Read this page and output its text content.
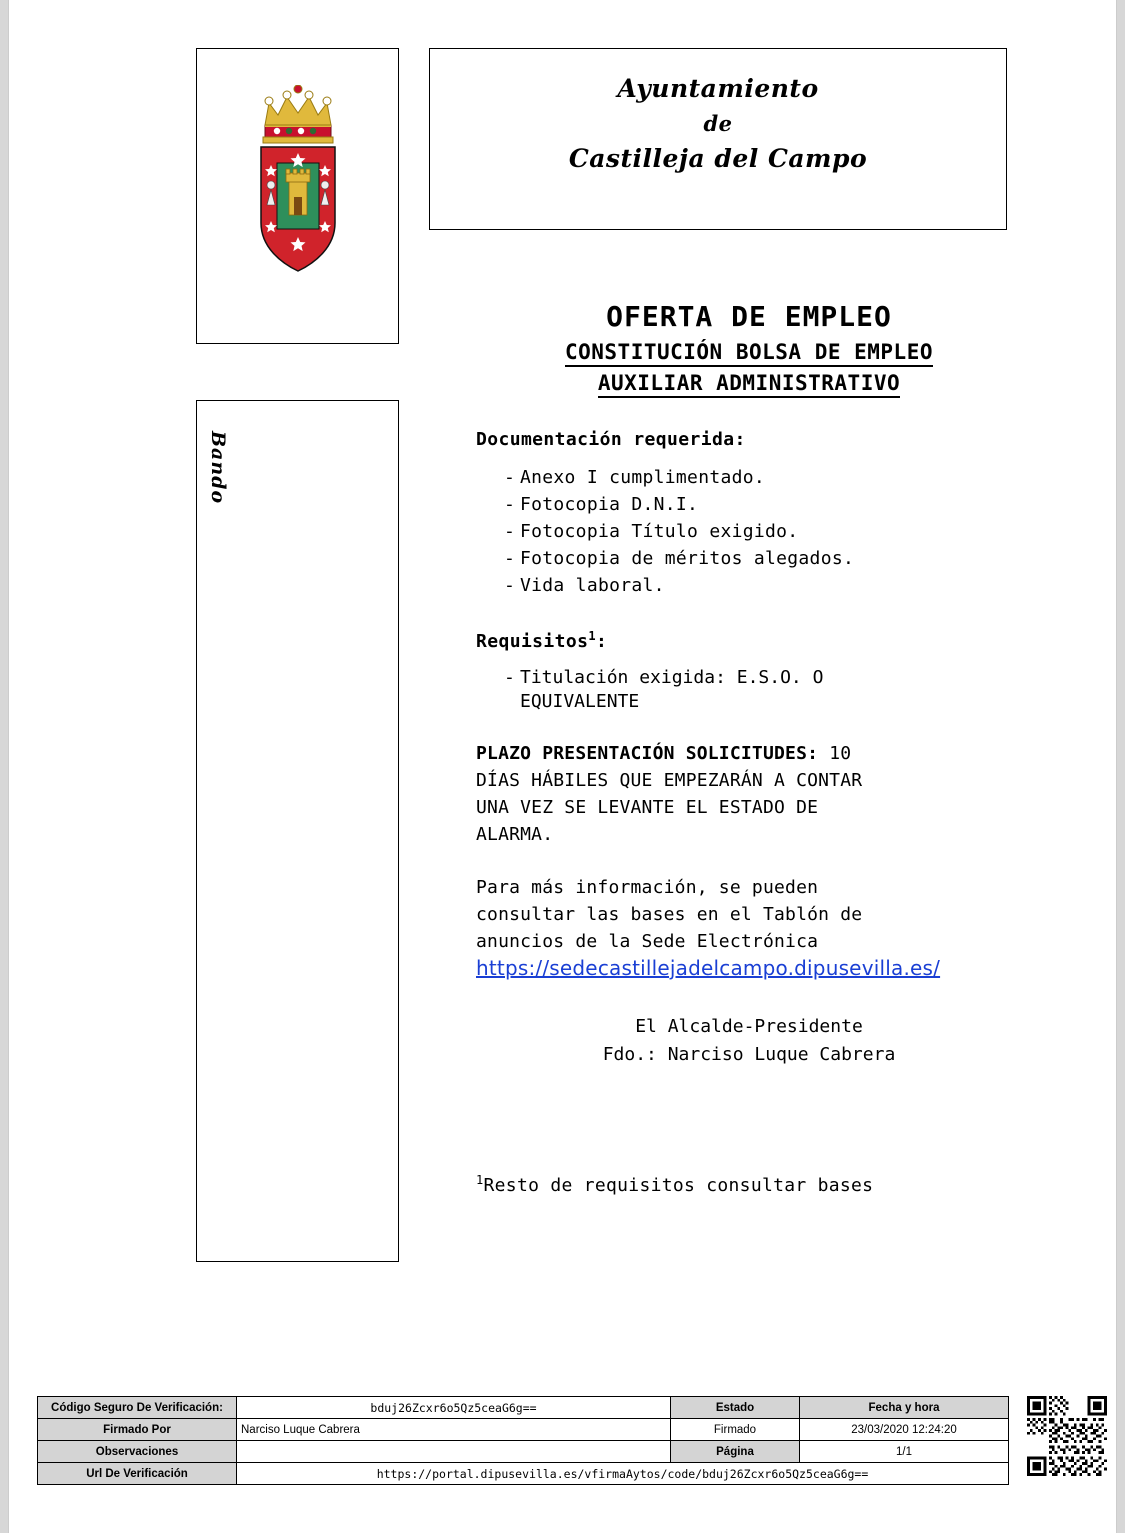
Ayuntamiento
de
Castilleja del Campo
Bando
OFERTA DE EMPLEO
CONSTITUCIÓN BOLSA DE EMPLEO
AUXILIAR ADMINISTRATIVO
Documentación requerida:
- Anexo I cumplimentado.
- Fotocopia D.N.I.
- Fotocopia Título exigido.
- Fotocopia de méritos alegados.
- Vida laboral.
Requisitos$^1$:
- Titulación exigida: E.S.O. O
EQUIVALENTE
PLAZO PRESENTACIÓN SOLICITUDES: 10
DÍAS HÁBILES QUE EMPEZARÁN A CONTAR
UNA VEZ SE LEVANTE EL ESTADO DE
ALARMA.
Para más información, se pueden
consultar las bases en el Tablón de
anuncios de la Sede Electrónica
https://sedecastillejadelcampo.dipusevilla.es/
El Alcalde-Presidente
Fdo.: Narciso Luque Cabrera
$^1$Resto de requisitos consultar bases
Código Seguro De Verificación:	bduj26Zcxr6o5Qz5ceaG6g==	Estado	Fecha y hora
Firmado Por	Narciso Luque Cabrera	Firmado	23/03/2020 12:24:20
Observaciones		Página	1/1
Url De Verificación	https://portal.dipusevilla.es/vfirmaAytos/code/bduj26Zcxr6o5Qz5ceaG6g==		
